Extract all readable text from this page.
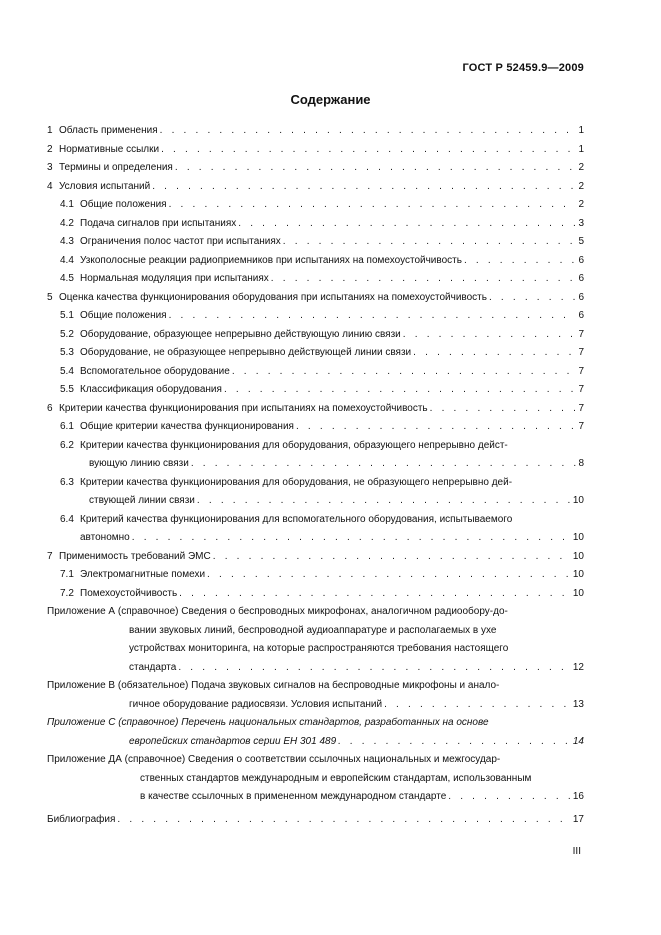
ГОСТ Р 52459.9—2009
Содержание
1 Область применения . . .	1
2 Нормативные ссылки . . .	1
3 Термины и определения . . .	2
4 Условия испытаний . . .	2
4.1 Общие положения . . .	2
4.2 Подача сигналов при испытаниях . . .	3
4.3 Ограничения полос частот при испытаниях . . .	5
4.4 Узкополосные реакции радиоприемников при испытаниях на помехоустойчивость . . .	6
4.5 Нормальная модуляция при испытаниях . . .	6
5 Оценка качества функционирования оборудования при испытаниях на помехоустойчивость . . .	6
5.1 Общие положения . . .	6
5.2 Оборудование, образующее непрерывно действующую линию связи . . .	7
5.3 Оборудование, не образующее непрерывно действующей линии связи . . .	7
5.4 Вспомогательное оборудование . . .	7
5.5 Классификация оборудования . . .	7
6 Критерии качества функционирования при испытаниях на помехоустойчивость . . .	7
6.1 Общие критерии качества функционирования . . .	7
6.2 Критерии качества функционирования для оборудования, образующего непрерывно дейст-
вующую линию связи . . .	8
6.3 Критерии качества функционирования для оборудования, не образующего непрерывно дей-
ствующей линии связи . . .	10
6.4 Критерий качества функционирования для вспомогательного оборудования, испытываемого
автономно . . .	10
7 Применимость требований ЭМС . . .	10
7.1 Электромагнитные помехи . . .	10
7.2 Помехоустойчивость . . .	10
Приложение А (справочное) Сведения о беспроводных микрофонах, аналогичном радиообору-до-
вании звуковых линий, беспроводной аудиоаппаратуре и располагаемых в ухе
устройствах мониторинга, на которые распространяются требования настоящего
стандарта . . .	12
Приложение В (обязательное) Подача звуковых сигналов на беспроводные микрофоны и анало-
гичное оборудование радиосвязи. Условия испытаний . . .	13
Приложение С (справочное) Перечень национальных стандартов, разработанных на основе
европейских стандартов серии ЕН 301 489 . . .	14
Приложение ДА (справочное) Сведения о соответствии ссылочных национальных и межгосудар-
ственных стандартов международным и европейским стандартам, использованным
в качестве ссылочных в примененном международном стандарте . . .	16
Библиография . . .	17
III
